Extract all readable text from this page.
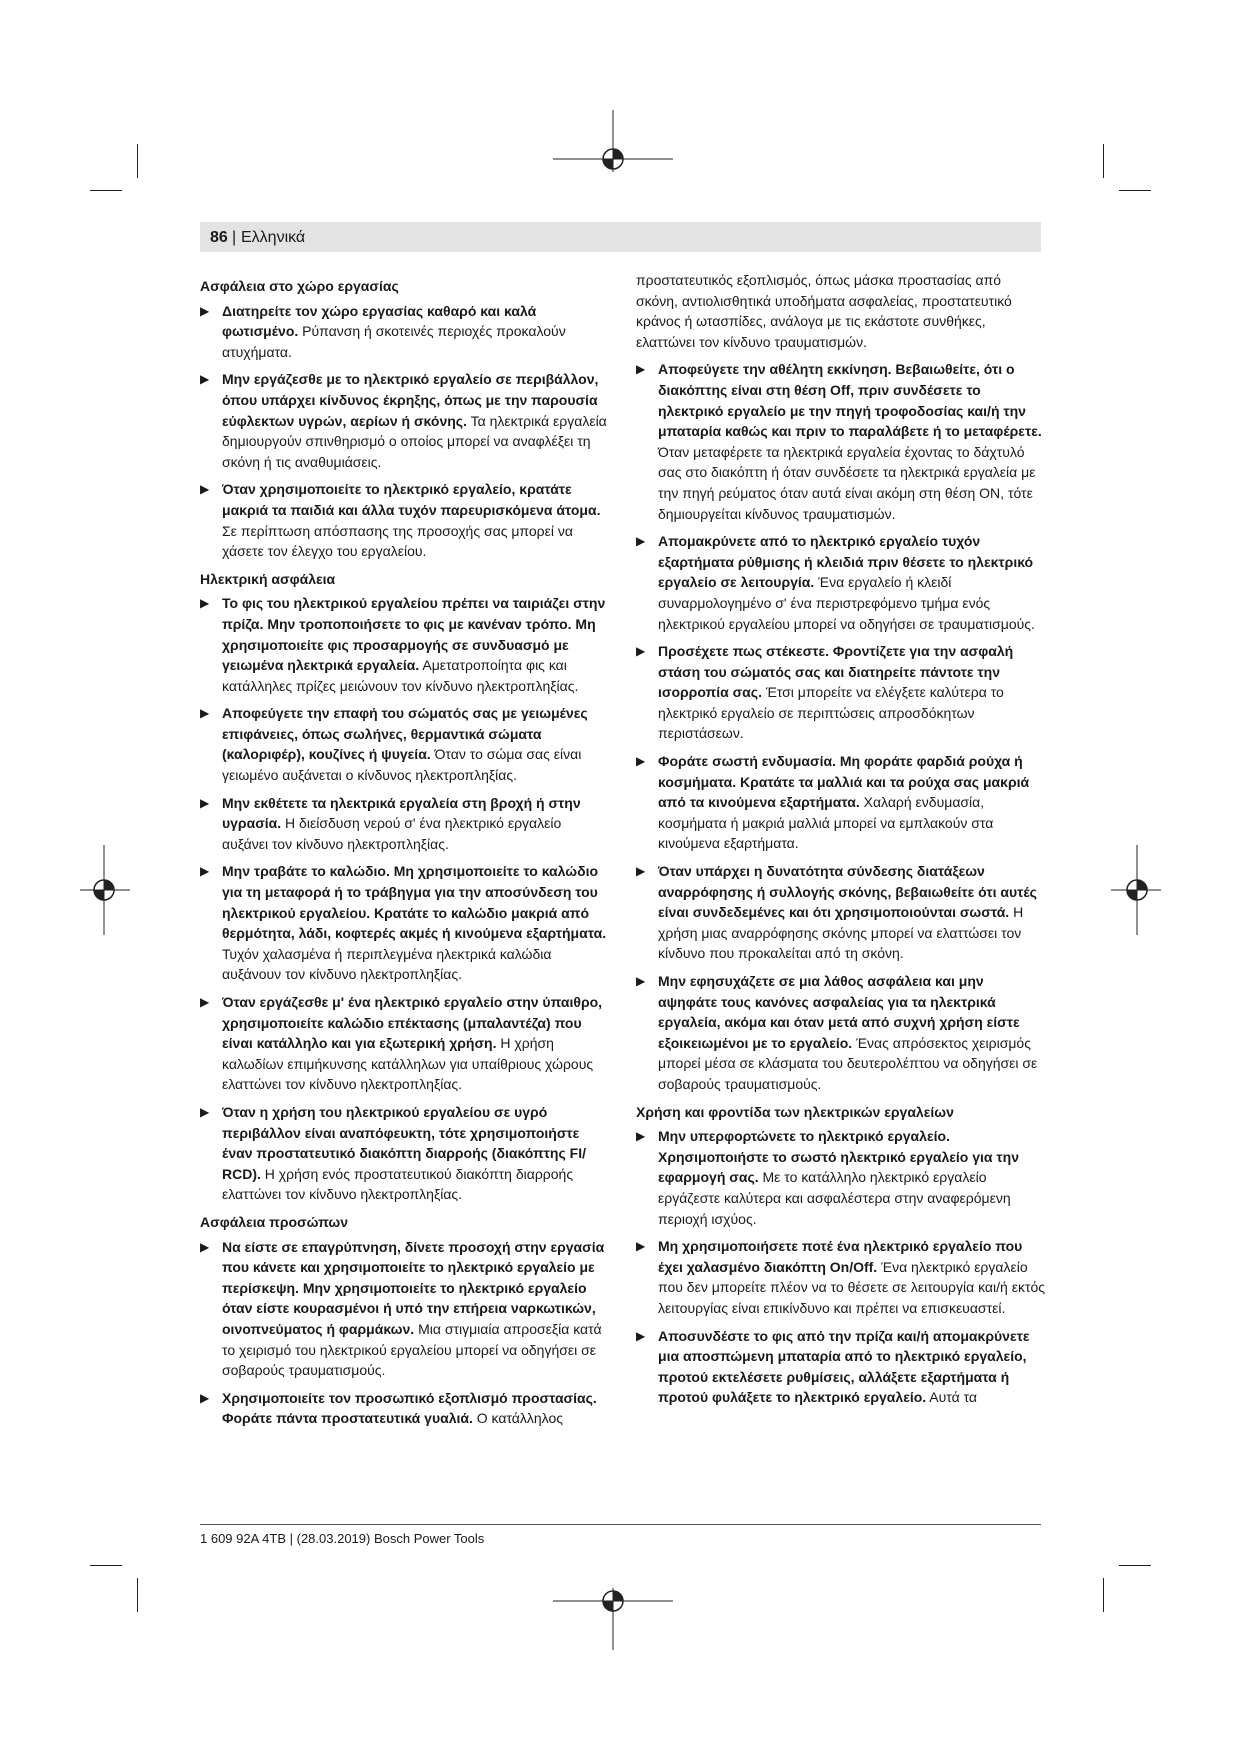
86 | Ελληνικά
Ασφάλεια στο χώρο εργασίας
▶ Διατηρείτε τον χώρο εργασίας καθαρό και καλά φωτισμένο. Ρύπανση ή σκοτεινές περιοχές προκαλούν ατυχήματα.
▶ Μην εργάζεσθε με το ηλεκτρικό εργαλείο σε περιβάλλον, όπου υπάρχει κίνδυνος έκρηξης, όπως με την παρουσία εύφλεκτων υγρών, αερίων ή σκόνης. Τα ηλεκτρικά εργαλεία δημιουργούν σπινθηρισμό ο οποίος μπορεί να αναφλέξει τη σκόνη ή τις αναθυμιάσεις.
▶ Όταν χρησιμοποιείτε το ηλεκτρικό εργαλείο, κρατάτε μακριά τα παιδιά και άλλα τυχόν παρευρισκόμενα άτομα. Σε περίπτωση απόσπασης της προσοχής σας μπορεί να χάσετε τον έλεγχο του εργαλείου.
Ηλεκτρική ασφάλεια
▶ Το φις του ηλεκτρικού εργαλείου πρέπει να ταιριάζει στην πρίζα. Μην τροποποιήσετε το φις με κανέναν τρόπο. Μη χρησιμοποιείτε φις προσαρμογής σε συνδυασμό με γειωμένα ηλεκτρικά εργαλεία. Αμετατροποίητα φις και κατάλληλες πρίζες μειώνουν τον κίνδυνο ηλεκτροπληξίας.
▶ Αποφεύγετε την επαφή του σώματός σας με γειωμένες επιφάνειες, όπως σωλήνες, θερμαντικά σώματα (καλοριφέρ), κουζίνες ή ψυγεία. Όταν το σώμα σας είναι γειωμένο αυξάνεται ο κίνδυνος ηλεκτροπληξίας.
▶ Μην εκθέτετε τα ηλεκτρικά εργαλεία στη βροχή ή στην υγρασία. Η διείσδυση νερού σ' ένα ηλεκτρικό εργαλείο αυξάνει τον κίνδυνο ηλεκτροπληξίας.
▶ Μην τραβάτε το καλώδιο. Μη χρησιμοποιείτε το καλώδιο για τη μεταφορά ή το τράβηγμα για την αποσύνδεση του ηλεκτρικού εργαλείου. Κρατάτε το καλώδιο μακριά από θερμότητα, λάδι, κοφτερές ακμές ή κινούμενα εξαρτήματα. Τυχόν χαλασμένα ή περιπλεγμένα ηλεκτρικά καλώδια αυξάνουν τον κίνδυνο ηλεκτροπληξίας.
▶ Όταν εργάζεσθε μ' ένα ηλεκτρικό εργαλείο στην ύπαιθρο, χρησιμοποιείτε καλώδιο επέκτασης (μπαλαντέζα) που είναι κατάλληλο και για εξωτερική χρήση. Η χρήση καλωδίων επιμήκυνσης κατάλληλων για υπαίθριους χώρους ελαττώνει τον κίνδυνο ηλεκτροπληξίας.
▶ Όταν η χρήση του ηλεκτρικού εργαλείου σε υγρό περιβάλλον είναι αναπόφευκτη, τότε χρησιμοποιήστε έναν προστατευτικό διακόπτη διαρροής (διακόπτης FI/ RCD). Η χρήση ενός προστατευτικού διακόπτη διαρροής ελαττώνει τον κίνδυνο ηλεκτροπληξίας.
Ασφάλεια προσώπων
▶ Να είστε σε επαγρύπνηση, δίνετε προσοχή στην εργασία που κάνετε και χρησιμοποιείτε το ηλεκτρικό εργαλείο με περίσκεψη. Μην χρησιμοποιείτε το ηλεκτρικό εργαλείο όταν είστε κουρασμένοι ή υπό την επήρεια ναρκωτικών, οινοπνεύματος ή φαρμάκων. Μια στιγμιαία απροσεξία κατά το χειρισμό του ηλεκτρικού εργαλείου μπορεί να οδηγήσει σε σοβαρούς τραυματισμούς.
▶ Χρησιμοποιείτε τον προσωπικό εξοπλισμό προστασίας. Φοράτε πάντα προστατευτικά γυαλιά. Ο κατάλληλος
προστατευτικός εξοπλισμός, όπως μάσκα προστασίας από σκόνη, αντιολισθητικά υποδήματα ασφαλείας, προστατευτικό κράνος ή ωτασπίδες, ανάλογα με τις εκάστοτε συνθήκες, ελαττώνει τον κίνδυνο τραυματισμών.
▶ Αποφεύγετε την αθέλητη εκκίνηση. Βεβαιωθείτε, ότι ο διακόπτης είναι στη θέση Off, πριν συνδέσετε το ηλεκτρικό εργαλείο με την πηγή τροφοδοσίας και/ή την μπαταρία καθώς και πριν το παραλάβετε ή το μεταφέρετε. Όταν μεταφέρετε τα ηλεκτρικά εργαλεία έχοντας το δάχτυλό σας στο διακόπτη ή όταν συνδέσετε τα ηλεκτρικά εργαλεία με την πηγή ρεύματος όταν αυτά είναι ακόμη στη θέση ON, τότε δημιουργείται κίνδυνος τραυματισμών.
▶ Απομακρύνετε από το ηλεκτρικό εργαλείο τυχόν εξαρτήματα ρύθμισης ή κλειδιά πριν θέσετε το ηλεκτρικό εργαλείο σε λειτουργία. Ένα εργαλείο ή κλειδί συναρμολογημένο σ' ένα περιστρεφόμενο τμήμα ενός ηλεκτρικού εργαλείου μπορεί να οδηγήσει σε τραυματισμούς.
▶ Προσέχετε πως στέκεστε. Φροντίζετε για την ασφαλή στάση του σώματός σας και διατηρείτε πάντοτε την ισορροπία σας. Έτσι μπορείτε να ελέγξετε καλύτερα το ηλεκτρικό εργαλείο σε περιπτώσεις απροσδόκητων περιστάσεων.
▶ Φοράτε σωστή ενδυμασία. Μη φοράτε φαρδιά ρούχα ή κοσμήματα. Κρατάτε τα μαλλιά και τα ρούχα σας μακριά από τα κινούμενα εξαρτήματα. Χαλαρή ενδυμασία, κοσμήματα ή μακριά μαλλιά μπορεί να εμπλακούν στα κινούμενα εξαρτήματα.
▶ Όταν υπάρχει η δυνατότητα σύνδεσης διατάξεων αναρρόφησης ή συλλογής σκόνης, βεβαιωθείτε ότι αυτές είναι συνδεδεμένες και ότι χρησιμοποιούνται σωστά. Η χρήση μιας αναρρόφησης σκόνης μπορεί να ελαττώσει τον κίνδυνο που προκαλείται από τη σκόνη.
▶ Μην εφησυχάζετε σε μια λάθος ασφάλεια και μην αψηφάτε τους κανόνες ασφαλείας για τα ηλεκτρικά εργαλεία, ακόμα και όταν μετά από συχνή χρήση είστε εξοικειωμένοι με το εργαλείο. Ένας απρόσεκτος χειρισμός μπορεί μέσα σε κλάσματα του δευτερολέπτου να οδηγήσει σε σοβαρούς τραυματισμούς.
Χρήση και φροντίδα των ηλεκτρικών εργαλείων
▶ Μην υπερφορτώνετε το ηλεκτρικό εργαλείο. Χρησιμοποιήστε το σωστό ηλεκτρικό εργαλείο για την εφαρμογή σας. Με το κατάλληλο ηλεκτρικό εργαλείο εργάζεστε καλύτερα και ασφαλέστερα στην αναφερόμενη περιοχή ισχύος.
▶ Μη χρησιμοποιήσετε ποτέ ένα ηλεκτρικό εργαλείο που έχει χαλασμένο διακόπτη On/Off. Ένα ηλεκτρικό εργαλείο που δεν μπορείτε πλέον να το θέσετε σε λειτουργία και/ή εκτός λειτουργίας είναι επικίνδυνο και πρέπει να επισκευαστεί.
▶ Αποσυνδέστε το φις από την πρίζα και/ή απομακρύνετε μια αποσπώμενη μπαταρία από το ηλεκτρικό εργαλείο, προτού εκτελέσετε ρυθμίσεις, αλλάξετε εξαρτήματα ή προτού φυλάξετε το ηλεκτρικό εργαλείο. Αυτά τα
1 609 92A 4TB | (28.03.2019) Bosch Power Tools
